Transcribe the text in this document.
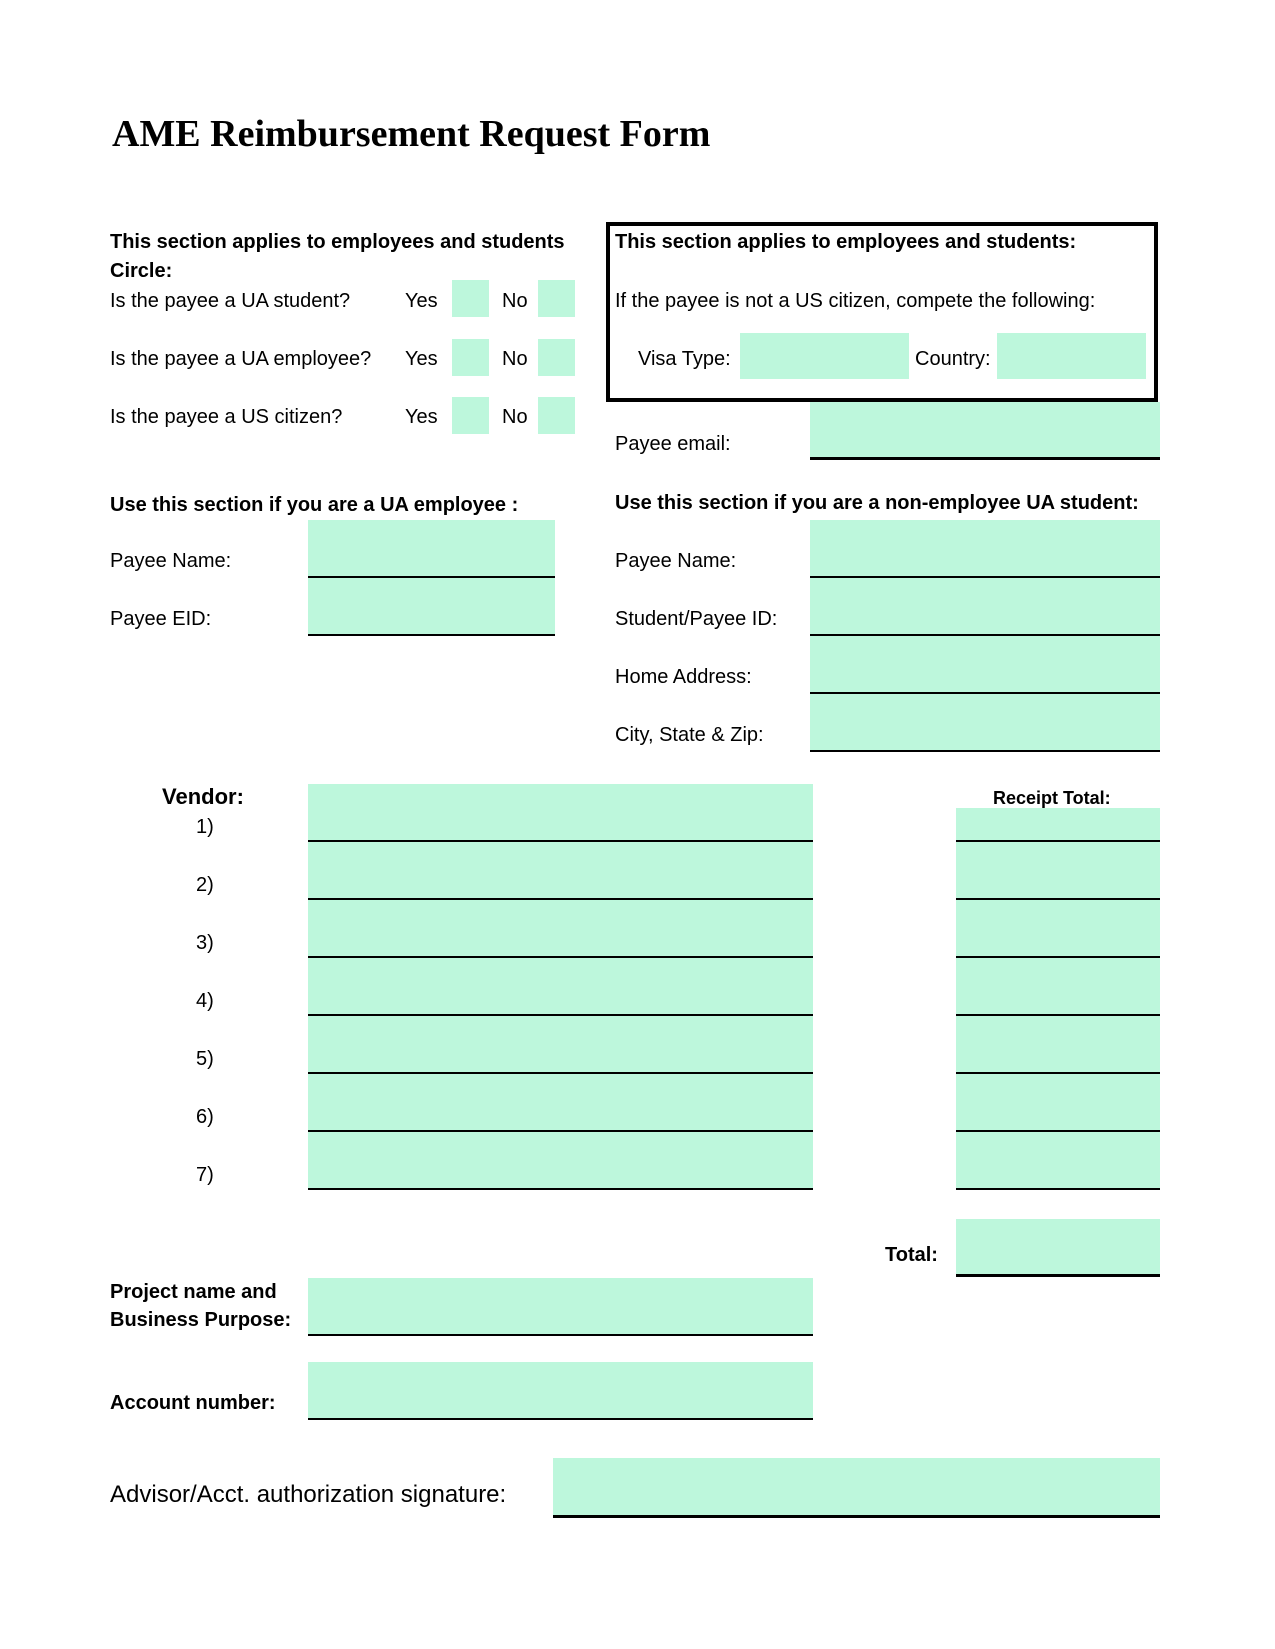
AME Reimbursement Request Form
This section applies to employees and students
Circle:
Is the payee a UA student?	Yes	No
Is the payee a UA employee? Yes	No
Is the payee a US citizen?	Yes	No
This section applies to employees and students:
If the payee is not a US citizen, compete the following:
Visa Type:	Country:
Payee email:
Use this section if you are a UA employee :
Payee Name:
Payee EID:
Use this section if you are a non-employee UA student:
Payee Name:
Student/Payee ID:
Home Address:
City, State & Zip:
Vendor:	Receipt Total:
1)
2)
3)
4)
5)
6)
7)
Total:
Project name and
Business Purpose:
Account number:
Advisor/Acct. authorization signature:
